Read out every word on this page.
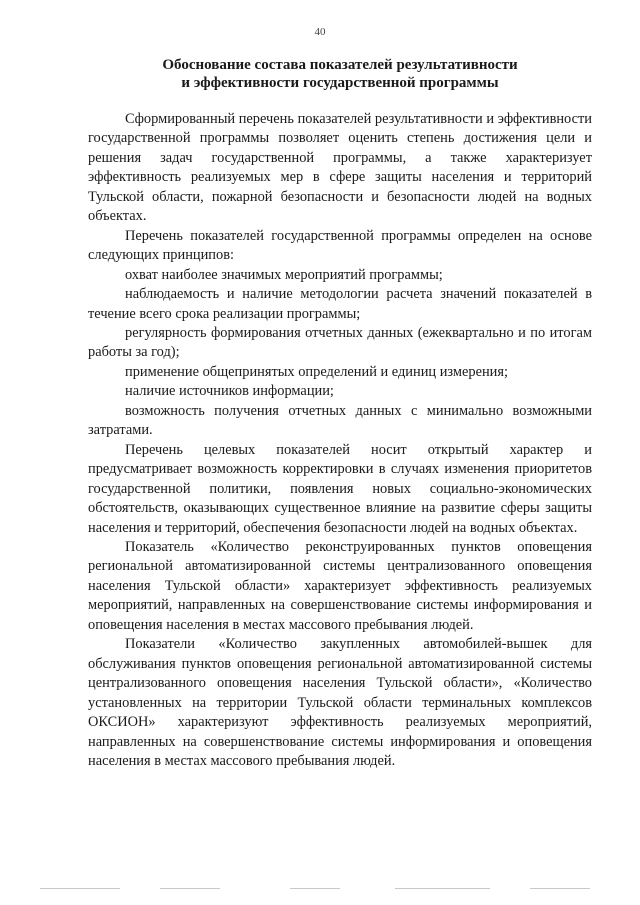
40
Обоснование состава показателей результативности
и эффективности государственной программы

Сформированный перечень показателей результативности и эффективности государственной программы позволяет оценить степень достижения цели и решения задач государственной программы, а также характеризует эффективность реализуемых мер в сфере защиты населения и территорий Тульской области, пожарной безопасности и безопасности людей на водных объектах.

Перечень показателей государственной программы определен на основе следующих принципов:

охват наиболее значимых мероприятий программы;

наблюдаемость и наличие методологии расчета значений показателей в течение всего срока реализации программы;

регулярность формирования отчетных данных (ежеквартально и по итогам работы за год);

применение общепринятых определений и единиц измерения;

наличие источников информации;

возможность получения отчетных данных с минимально возможными затратами.

Перечень целевых показателей носит открытый характер и предусматривает возможность корректировки в случаях изменения приоритетов государственной политики, появления новых социально-экономических обстоятельств, оказывающих существенное влияние на развитие сферы защиты населения и территорий, обеспечения безопасности людей на водных объектах.

Показатель «Количество реконструированных пунктов оповещения региональной автоматизированной системы централизованного оповещения населения Тульской области» характеризует эффективность реализуемых мероприятий, направленных на совершенствование системы информирования и оповещения населения в местах массового пребывания людей.

Показатели «Количество закупленных автомобилей-вышек для обслуживания пунктов оповещения региональной автоматизированной системы централизованного оповещения населения Тульской области», «Количество установленных на территории Тульской области терминальных комплексов ОКСИОН» характеризуют эффективность реализуемых мероприятий, направленных на совершенствование системы информирования и оповещения населения в местах массового пребывания людей.
